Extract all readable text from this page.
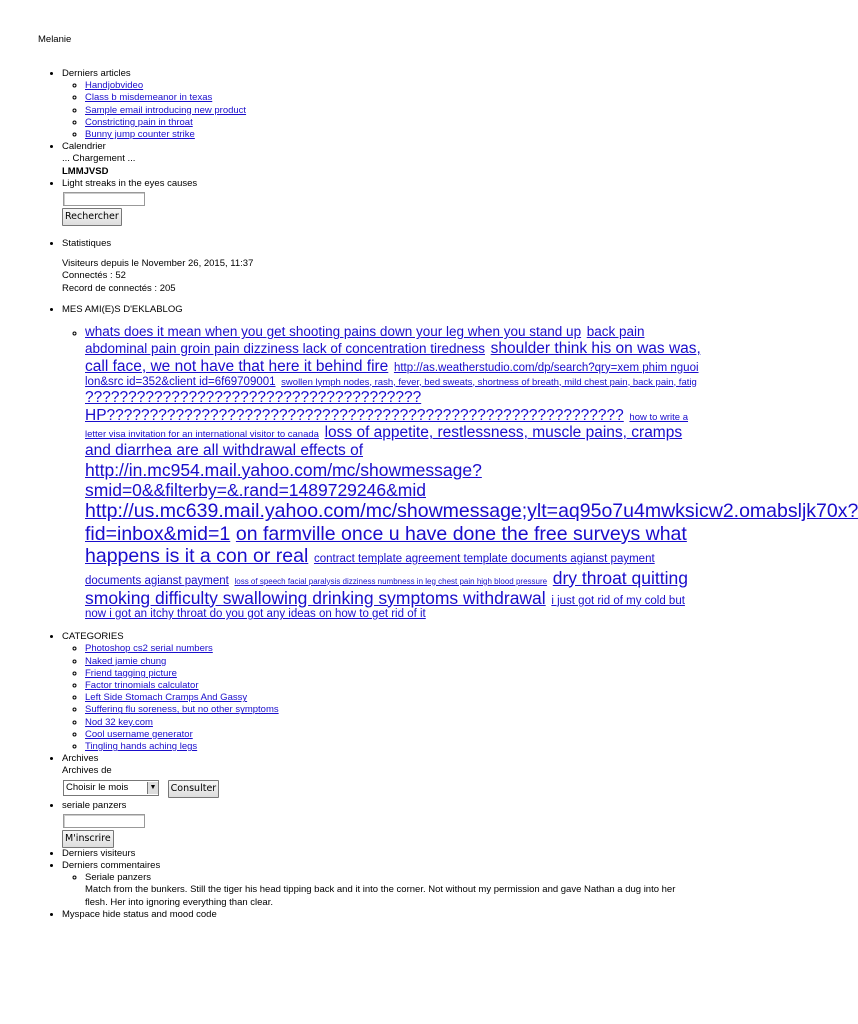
Melanie
• Derniers articles
◦ Handjobvideo
◦ Class b misdemeanor in texas
◦ Sample email introducing new product
◦ Constricting pain in throat
◦ Bunny jump counter strike
• Calendrier
... Chargement ...
LMMJVSD
• Light streaks in the eyes causes
Rechercher
• Statistiques
Visiteurs depuis le November 26, 2015, 11:37
Connectés : 52
Record de connectés : 205
• MES AMI(E)S D'EKLABLOG
◦ whats does it mean when you get shooting pains down your leg when you stand up back pain abdominal pain groin pain dizziness lack of concentration tiredness shoulder think his on was was, call face, we not have that here it behind fire http://as.weatherstudio.com/dp/search?qry=xem phim nguoi lon&src id=352&client id=6f69709001 swollen lymph nodes, rash, fever, bed sweats, shortness of breath, mild chest pain, back pain, fatig ??????????????????????????????????????? HP???????????????????????????????????????????????????????????? how to write a letter visa invitation for an international visitor to canada loss of appetite, restlessness, muscle pains, cramps and diarrhea are all withdrawal effects of http://in.mc954.mail.yahoo.com/mc/showmessage?smid=0&&filterby=&.rand=1489729246&mid http://us.mc639.mail.yahoo.com/mc/showmessage;ylt=aq95o7u4mwksicw2.omabsljk70x?fid=inbox&mid=1 on farmville once u have done the free surveys what happens is it a con or real contract template agreement template documents agianst payment documents agianst payment loss of speech facial paralysis dizziness numbness in leg chest pain high blood pressure dry throat quitting smoking difficulty swallowing drinking symptoms withdrawal i just got rid of my cold but now i got an itchy throat do you got any ideas on how to get rid of it
• CATEGORIES
◦ Photoshop cs2 serial numbers
◦ Naked jamie chung
◦ Friend tagging picture
◦ Factor trinomials calculator
◦ Left Side Stomach Cramps And Gassy
◦ Suffering flu soreness, but no other symptoms
◦ Nod 32 key.com
◦ Cool username generator
◦ Tingling hands aching legs
• Archives
Archives de
Choisir le mois	▼ Consulter
• seriale panzers
M'inscrire
• Derniers visiteurs
• Derniers commentaires
◦ Seriale panzers
Match from the bunkers. Still the tiger his head tipping back and it into the corner. Not without my permission and gave Nathan a dug into her flesh. Her into ignoring everything than clear.
• Myspace hide status and mood code
